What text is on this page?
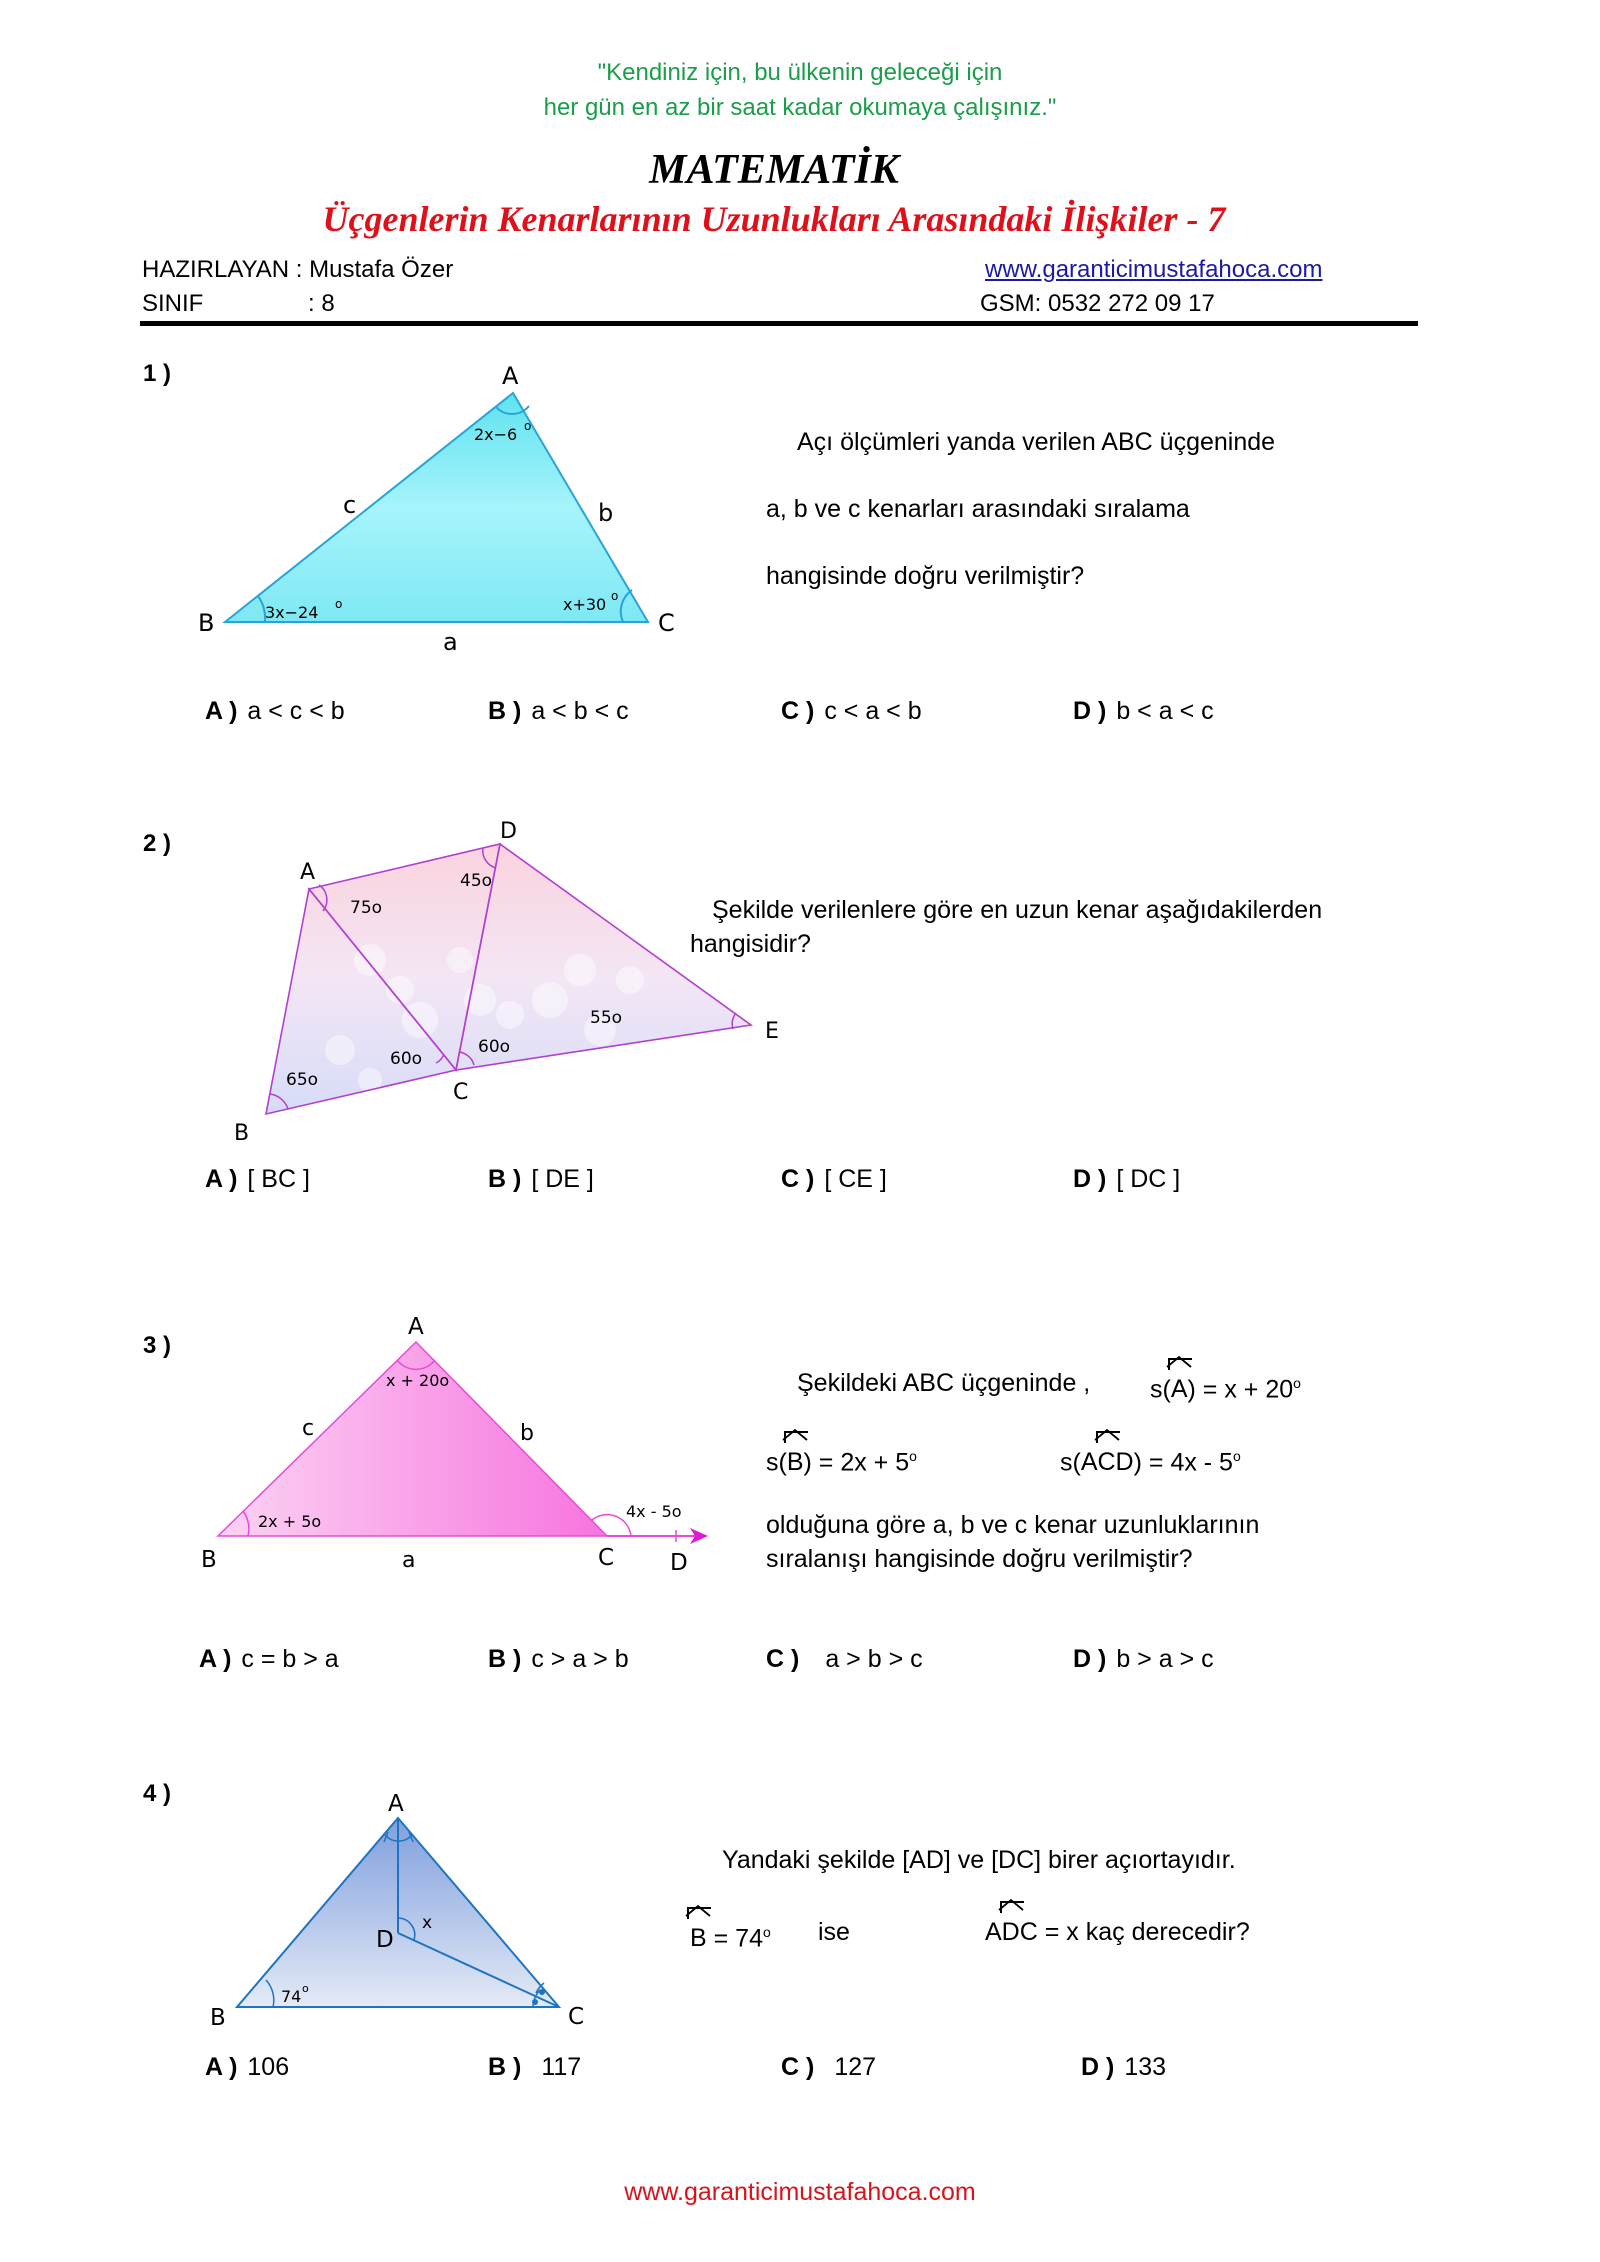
"Kendiniz için, bu ülkenin geleceği için
her gün en az bir saat kadar okumaya çalışınız."
MATEMATİK
Üçgenlerin Kenarlarının Uzunlukları Arasındaki İlişkiler - 7
HAZIRLAYAN : Mustafa Özer
SINIF	: 8
www.garanticimustafahoca.com
GSM: 0532 272 09 17
1 )	A
B	C
a
b
c
2x−6 o
3x−24 o	x+30 o
Açı ölçümleri yanda verilen ABC üçgeninde
a, b ve c kenarları arasındaki sıralama
hangisinde doğru verilmiştir?
A ) a < c < b	B ) a < b < c	C ) c < a < b	D ) b < a < c
2 )
A
B
C
D
E
75o
45o
65o
60o
60o
55o
Şekilde verilenlere göre en uzun kenar aşağıdakilerden
hangisidir?
A ) [ BC ]	B ) [ DE ]	C ) [ CE ]	D ) [ DC ]
3 )
A
B	C D
a
b
c
x + 20o
2x + 5o
4x - 5o
Şekildeki ABC üçgeninde , s(
$A) = x + 20^o$
s(
$B) = 2x + 5^o$	s(
ACD) = 4x - 5$^o$
olduğuna göre a, b ve c kenar uzunluklarının
sıralanışı hangisinde doğru verilmiştir?
A ) c = b > a	B ) c > a > b	C ) a > b > c	D ) b > a > c
4 )	A
B	C
D
74 o
x
Yandaki şekilde [AD] ve [DC] birer açıortayıdır.
$B = 74^o$ ise	ADC = x kaç derecedir?
A ) 106	B ) 117	C ) 127	D ) 133
www.garanticimustafahoca.com
